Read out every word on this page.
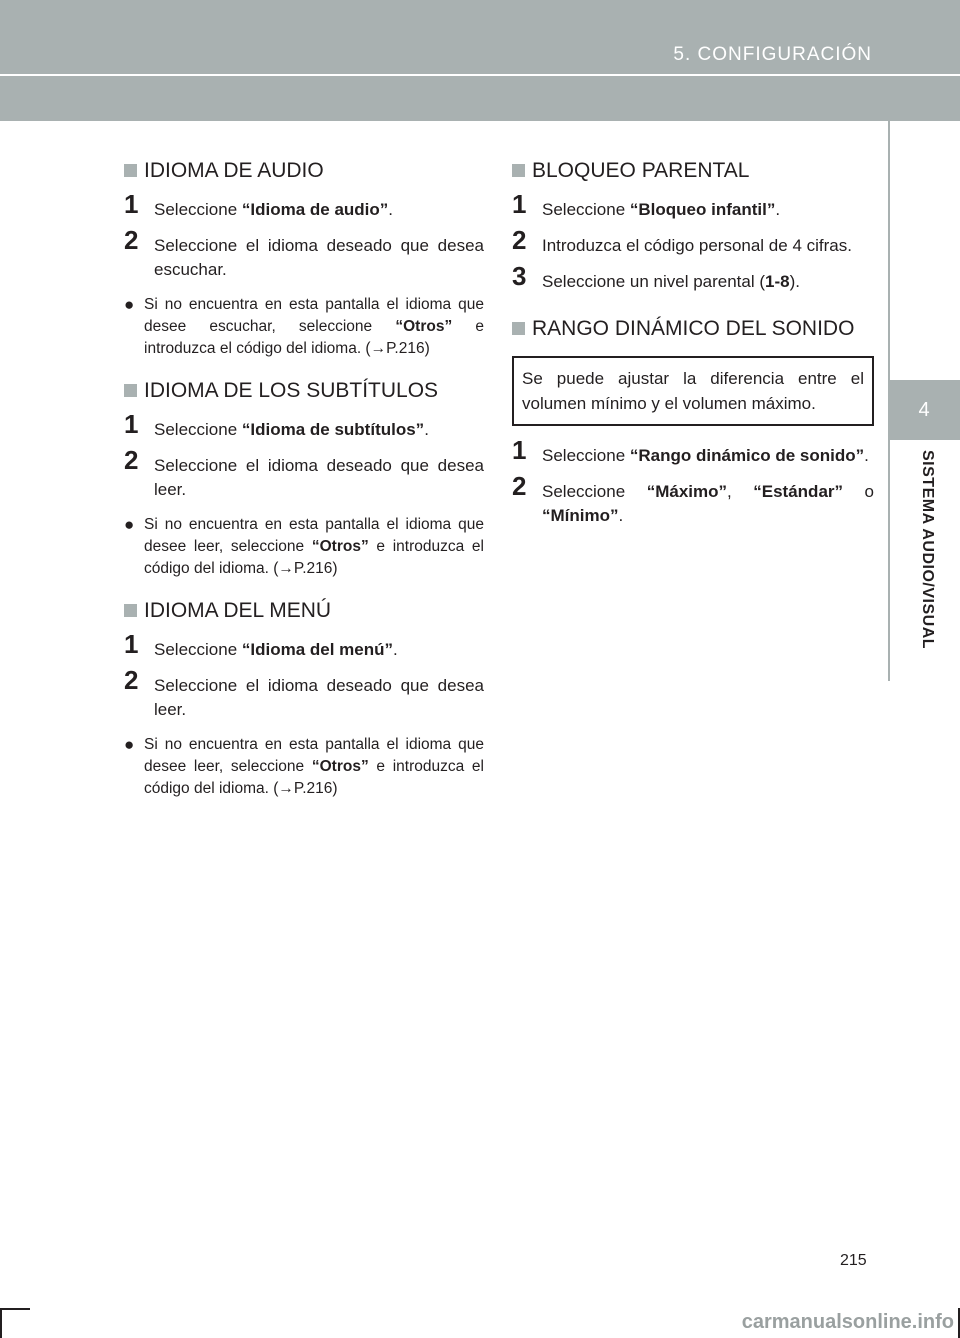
5. CONFIGURACIÓN
4
SISTEMA AUDIO/VISUAL
IDIOMA DE AUDIO
1 Seleccione “Idioma de audio”.
2 Seleccione el idioma deseado que desea escuchar.
● Si no encuentra en esta pantalla el idioma que desee escuchar, seleccione “Otros” e introduzca el código del idioma. (→P.216)
IDIOMA DE LOS SUBTÍTULOS
1 Seleccione “Idioma de subtítulos”.
2 Seleccione el idioma deseado que desea leer.
● Si no encuentra en esta pantalla el idioma que desee leer, seleccione “Otros” e introduzca el código del idioma. (→P.216)
IDIOMA DEL MENÚ
1 Seleccione “Idioma del menú”.
2 Seleccione el idioma deseado que desea leer.
● Si no encuentra en esta pantalla el idioma que desee leer, seleccione “Otros” e introduzca el código del idioma. (→P.216)
BLOQUEO PARENTAL
1 Seleccione “Bloqueo infantil”.
2 Introduzca el código personal de 4 cifras.
3 Seleccione un nivel parental (1-8).
RANGO DINÁMICO DEL SONIDO
Se puede ajustar la diferencia entre el volumen mínimo y el volumen máximo.
1 Seleccione “Rango dinámico de sonido”.
2 Seleccione “Máximo”, “Estándar” o “Mínimo”.
215
carmanualsonline.info
